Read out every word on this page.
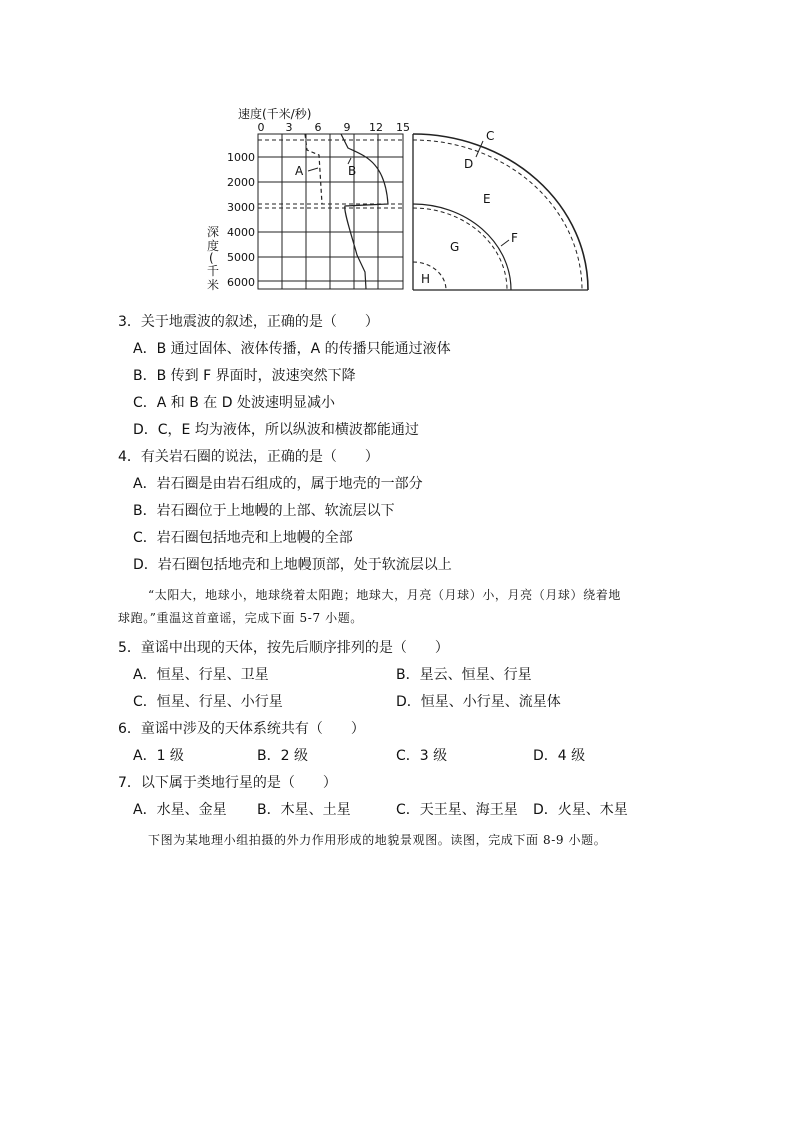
速度(千米/秒)
0 3 6 9 12 15
1000
2000
3000
4000
5000
6000
深
度
(
千
米
A	B
C
D
E
F
G
H
3．关于地震波的叙述，正确的是（　　）
A．B 通过固体、液体传播，A 的传播只能通过液体
B．B 传到 F 界面时，波速突然下降
C．A 和 B 在 D 处波速明显减小
D．C，E 均为液体，所以纵波和横波都能通过
4．有关岩石圈的说法，正确的是（　　）
A．岩石圈是由岩石组成的，属于地壳的一部分
B．岩石圈位于上地幔的上部、软流层以下
C．岩石圈包括地壳和上地幔的全部
D．岩石圈包括地壳和上地幔顶部，处于软流层以上
“太阳大，地球小，地球绕着太阳跑；地球大，月亮（月球）小，月亮（月球）绕着地
球跑。”重温这首童谣，完成下面 5-7 小题。
5．童谣中出现的天体，按先后顺序排列的是（　　）
A．恒星、行星、卫星	B．星云、恒星、行星
C．恒星、行星、小行星	D．恒星、小行星、流星体
6．童谣中涉及的天体系统共有（　　）
A．1 级	B．2 级	C．3 级	D．4 级
7．以下属于类地行星的是（　　）
A．水星、金星 B．木星、土星	C．天王星、海王星 D．火星、木星
下图为某地理小组拍摄的外力作用形成的地貌景观图。读图，完成下面 8-9 小题。
